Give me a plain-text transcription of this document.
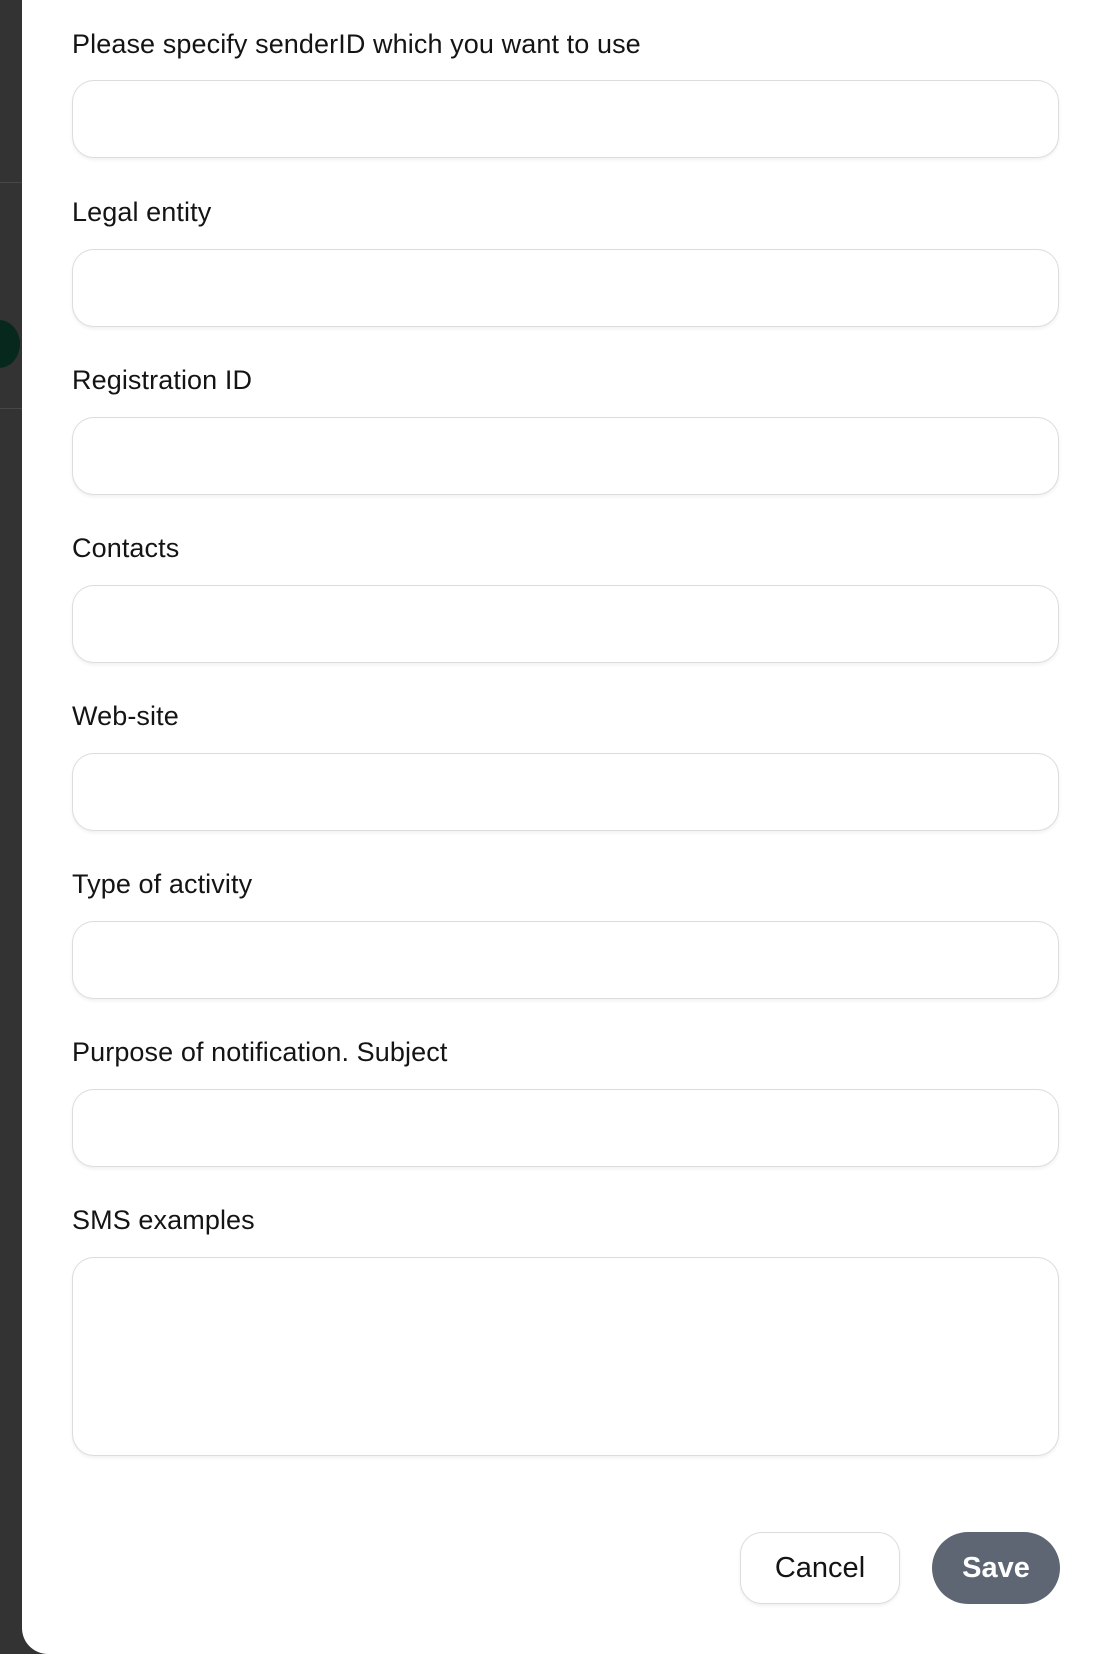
Please specify senderID which you want to use
Legal entity
Registration ID
Contacts
Web-site
Type of activity
Purpose of notification. Subject
SMS examples
Cancel	Save
